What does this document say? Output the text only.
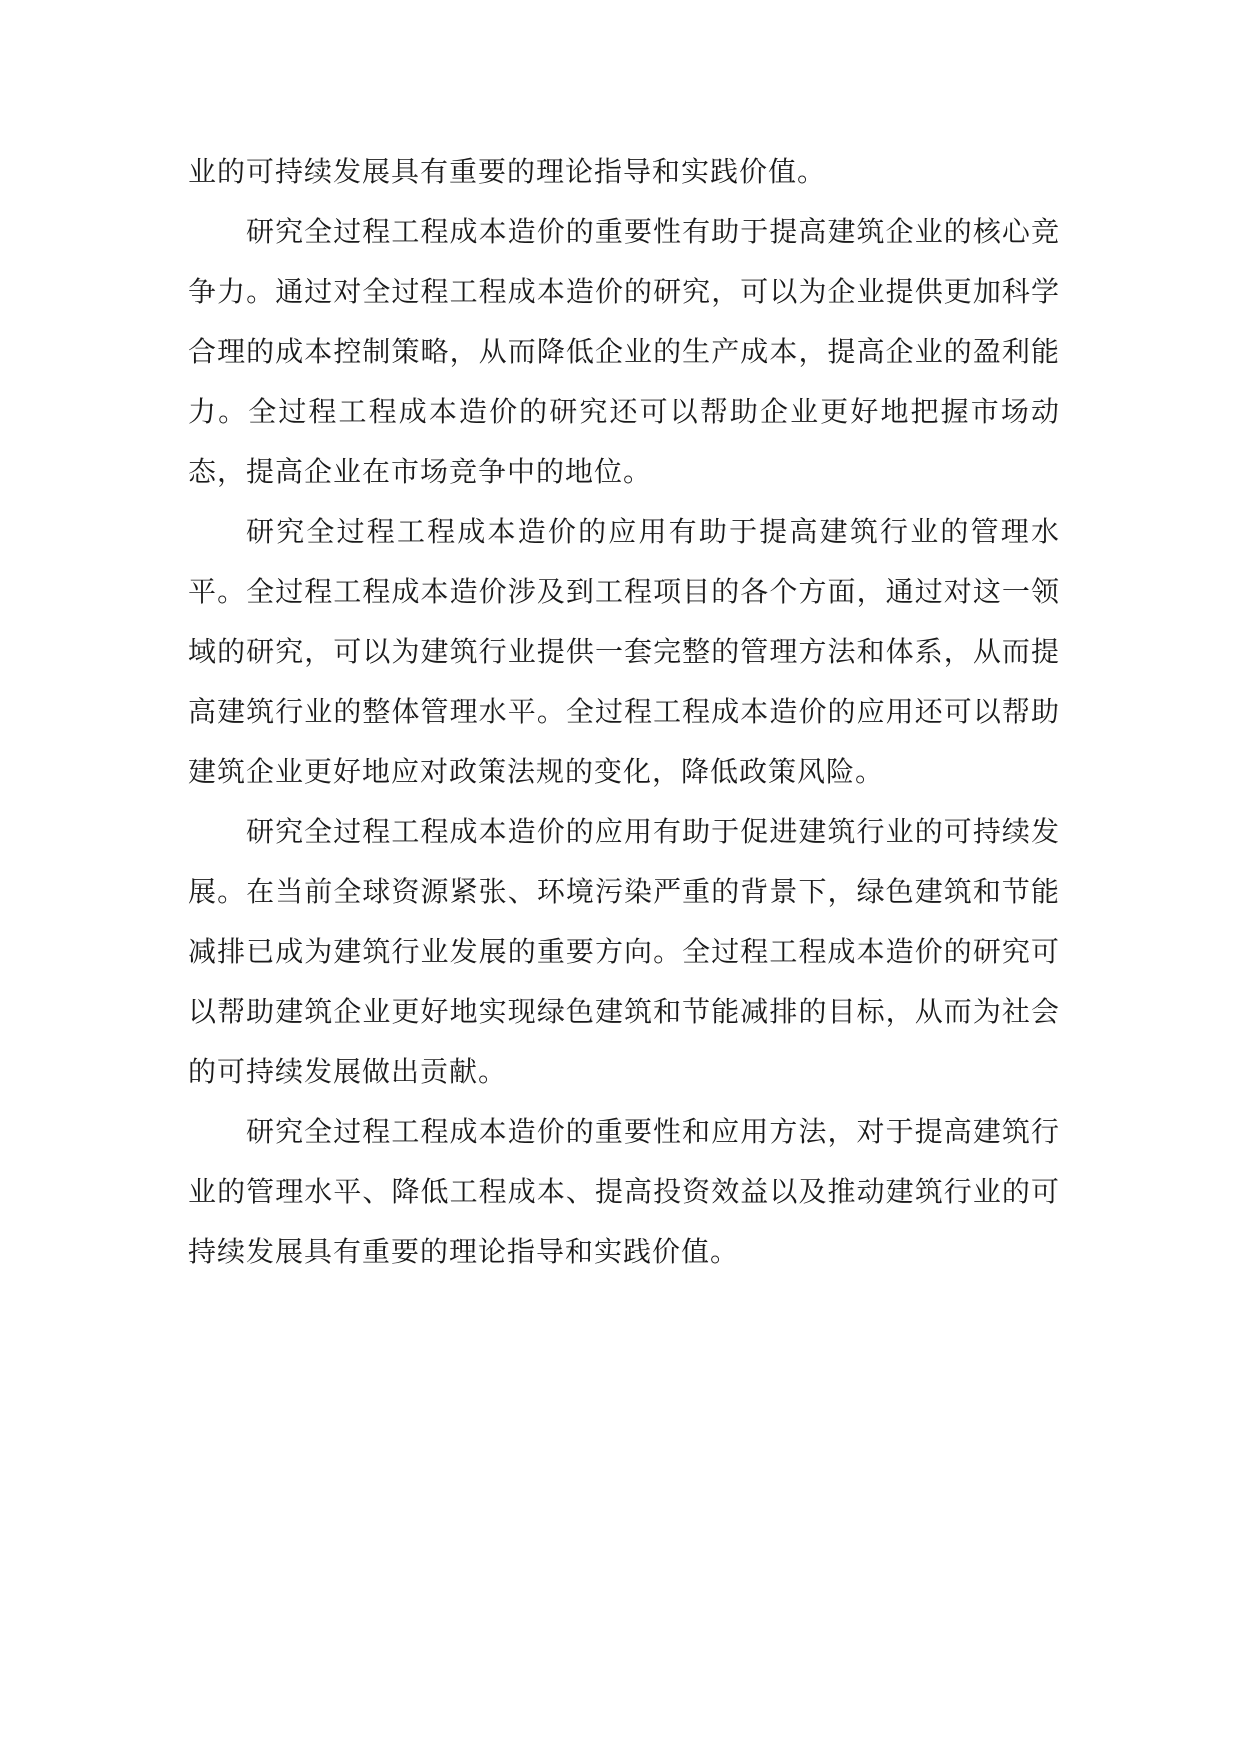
业的可持续发展具有重要的理论指导和实践价值。

研究全过程工程成本造价的重要性有助于提高建筑企业的核心竞争力。通过对全过程工程成本造价的研究，可以为企业提供更加科学合理的成本控制策略，从而降低企业的生产成本，提高企业的盈利能力。全过程工程成本造价的研究还可以帮助企业更好地把握市场动态，提高企业在市场竞争中的地位。

研究全过程工程成本造价的应用有助于提高建筑行业的管理水平。全过程工程成本造价涉及到工程项目的各个方面，通过对这一领域的研究，可以为建筑行业提供一套完整的管理方法和体系，从而提高建筑行业的整体管理水平。全过程工程成本造价的应用还可以帮助建筑企业更好地应对政策法规的变化，降低政策风险。

研究全过程工程成本造价的应用有助于促进建筑行业的可持续发展。在当前全球资源紧张、环境污染严重的背景下，绿色建筑和节能减排已成为建筑行业发展的重要方向。全过程工程成本造价的研究可以帮助建筑企业更好地实现绿色建筑和节能减排的目标，从而为社会的可持续发展做出贡献。

研究全过程工程成本造价的重要性和应用方法，对于提高建筑行业的管理水平、降低工程成本、提高投资效益以及推动建筑行业的可持续发展具有重要的理论指导和实践价值。
